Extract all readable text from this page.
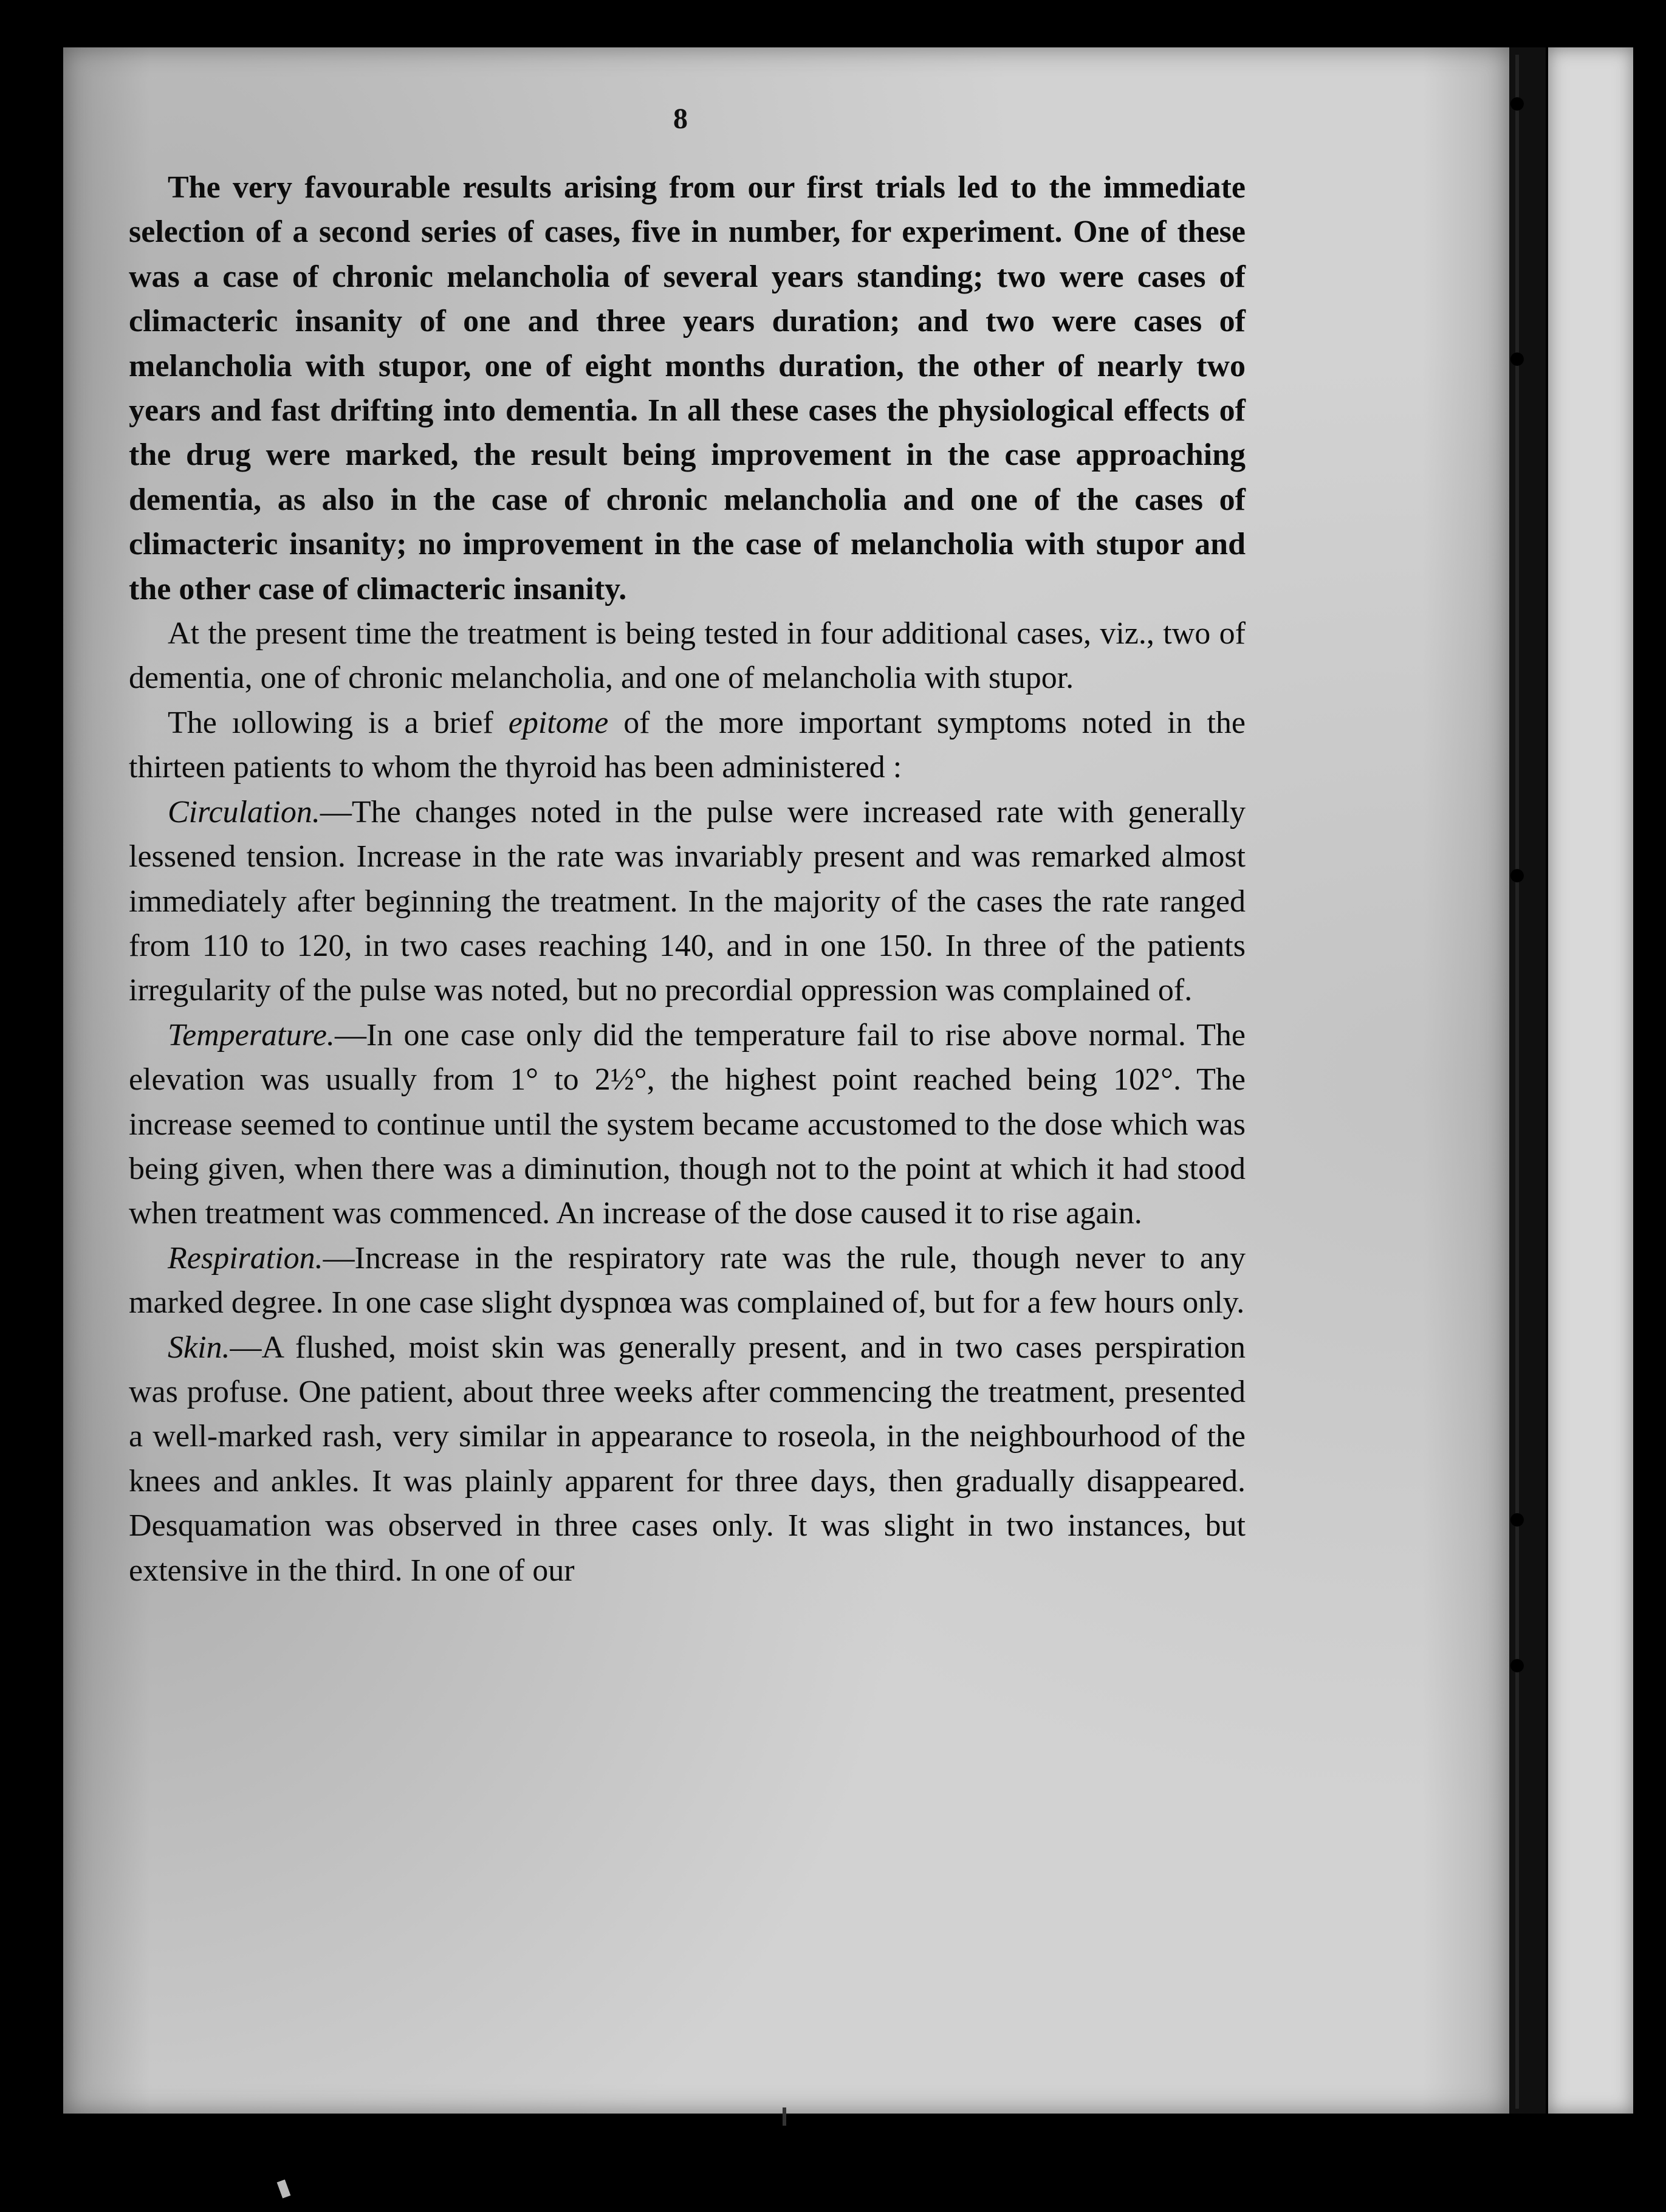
8

The very favourable results arising from our first trials led to the immediate selection of a second series of cases, five in number, for experiment. One of these was a case of chronic melancholia of several years standing; two were cases of climacteric insanity of one and three years duration; and two were cases of melancholia with stupor, one of eight months duration, the other of nearly two years and fast drifting into dementia. In all these cases the physiological effects of the drug were marked, the result being improvement in the case approaching dementia, as also in the case of chronic melancholia and one of the cases of climacteric insanity; no improvement in the case of melancholia with stupor and the other case of climacteric insanity.

At the present time the treatment is being tested in four additional cases, viz., two of dementia, one of chronic melancholia, and one of melancholia with stupor.

The ıollowing is a brief epitome of the more important symptoms noted in the thirteen patients to whom the thyroid has been administered :

Circulation.—The changes noted in the pulse were increased rate with generally lessened tension. Increase in the rate was invariably present and was remarked almost immediately after beginning the treatment. In the majority of the cases the rate ranged from 110 to 120, in two cases reaching 140, and in one 150. In three of the patients irregularity of the pulse was noted, but no precordial oppression was complained of.

Temperature.—In one case only did the temperature fail to rise above normal. The elevation was usually from 1° to 2½°, the highest point reached being 102°. The increase seemed to continue until the system became accustomed to the dose which was being given, when there was a diminution, though not to the point at which it had stood when treatment was commenced. An increase of the dose caused it to rise again.

Respiration.—Increase in the respiratory rate was the rule, though never to any marked degree. In one case slight dyspnœa was complained of, but for a few hours only.

Skin.—A flushed, moist skin was generally present, and in two cases perspiration was profuse. One patient, about three weeks after commencing the treatment, presented a well-marked rash, very similar in appearance to roseola, in the neighbourhood of the knees and ankles. It was plainly apparent for three days, then gradually disappeared. Desquamation was observed in three cases only. It was slight in two instances, but extensive in the third. In one of our
